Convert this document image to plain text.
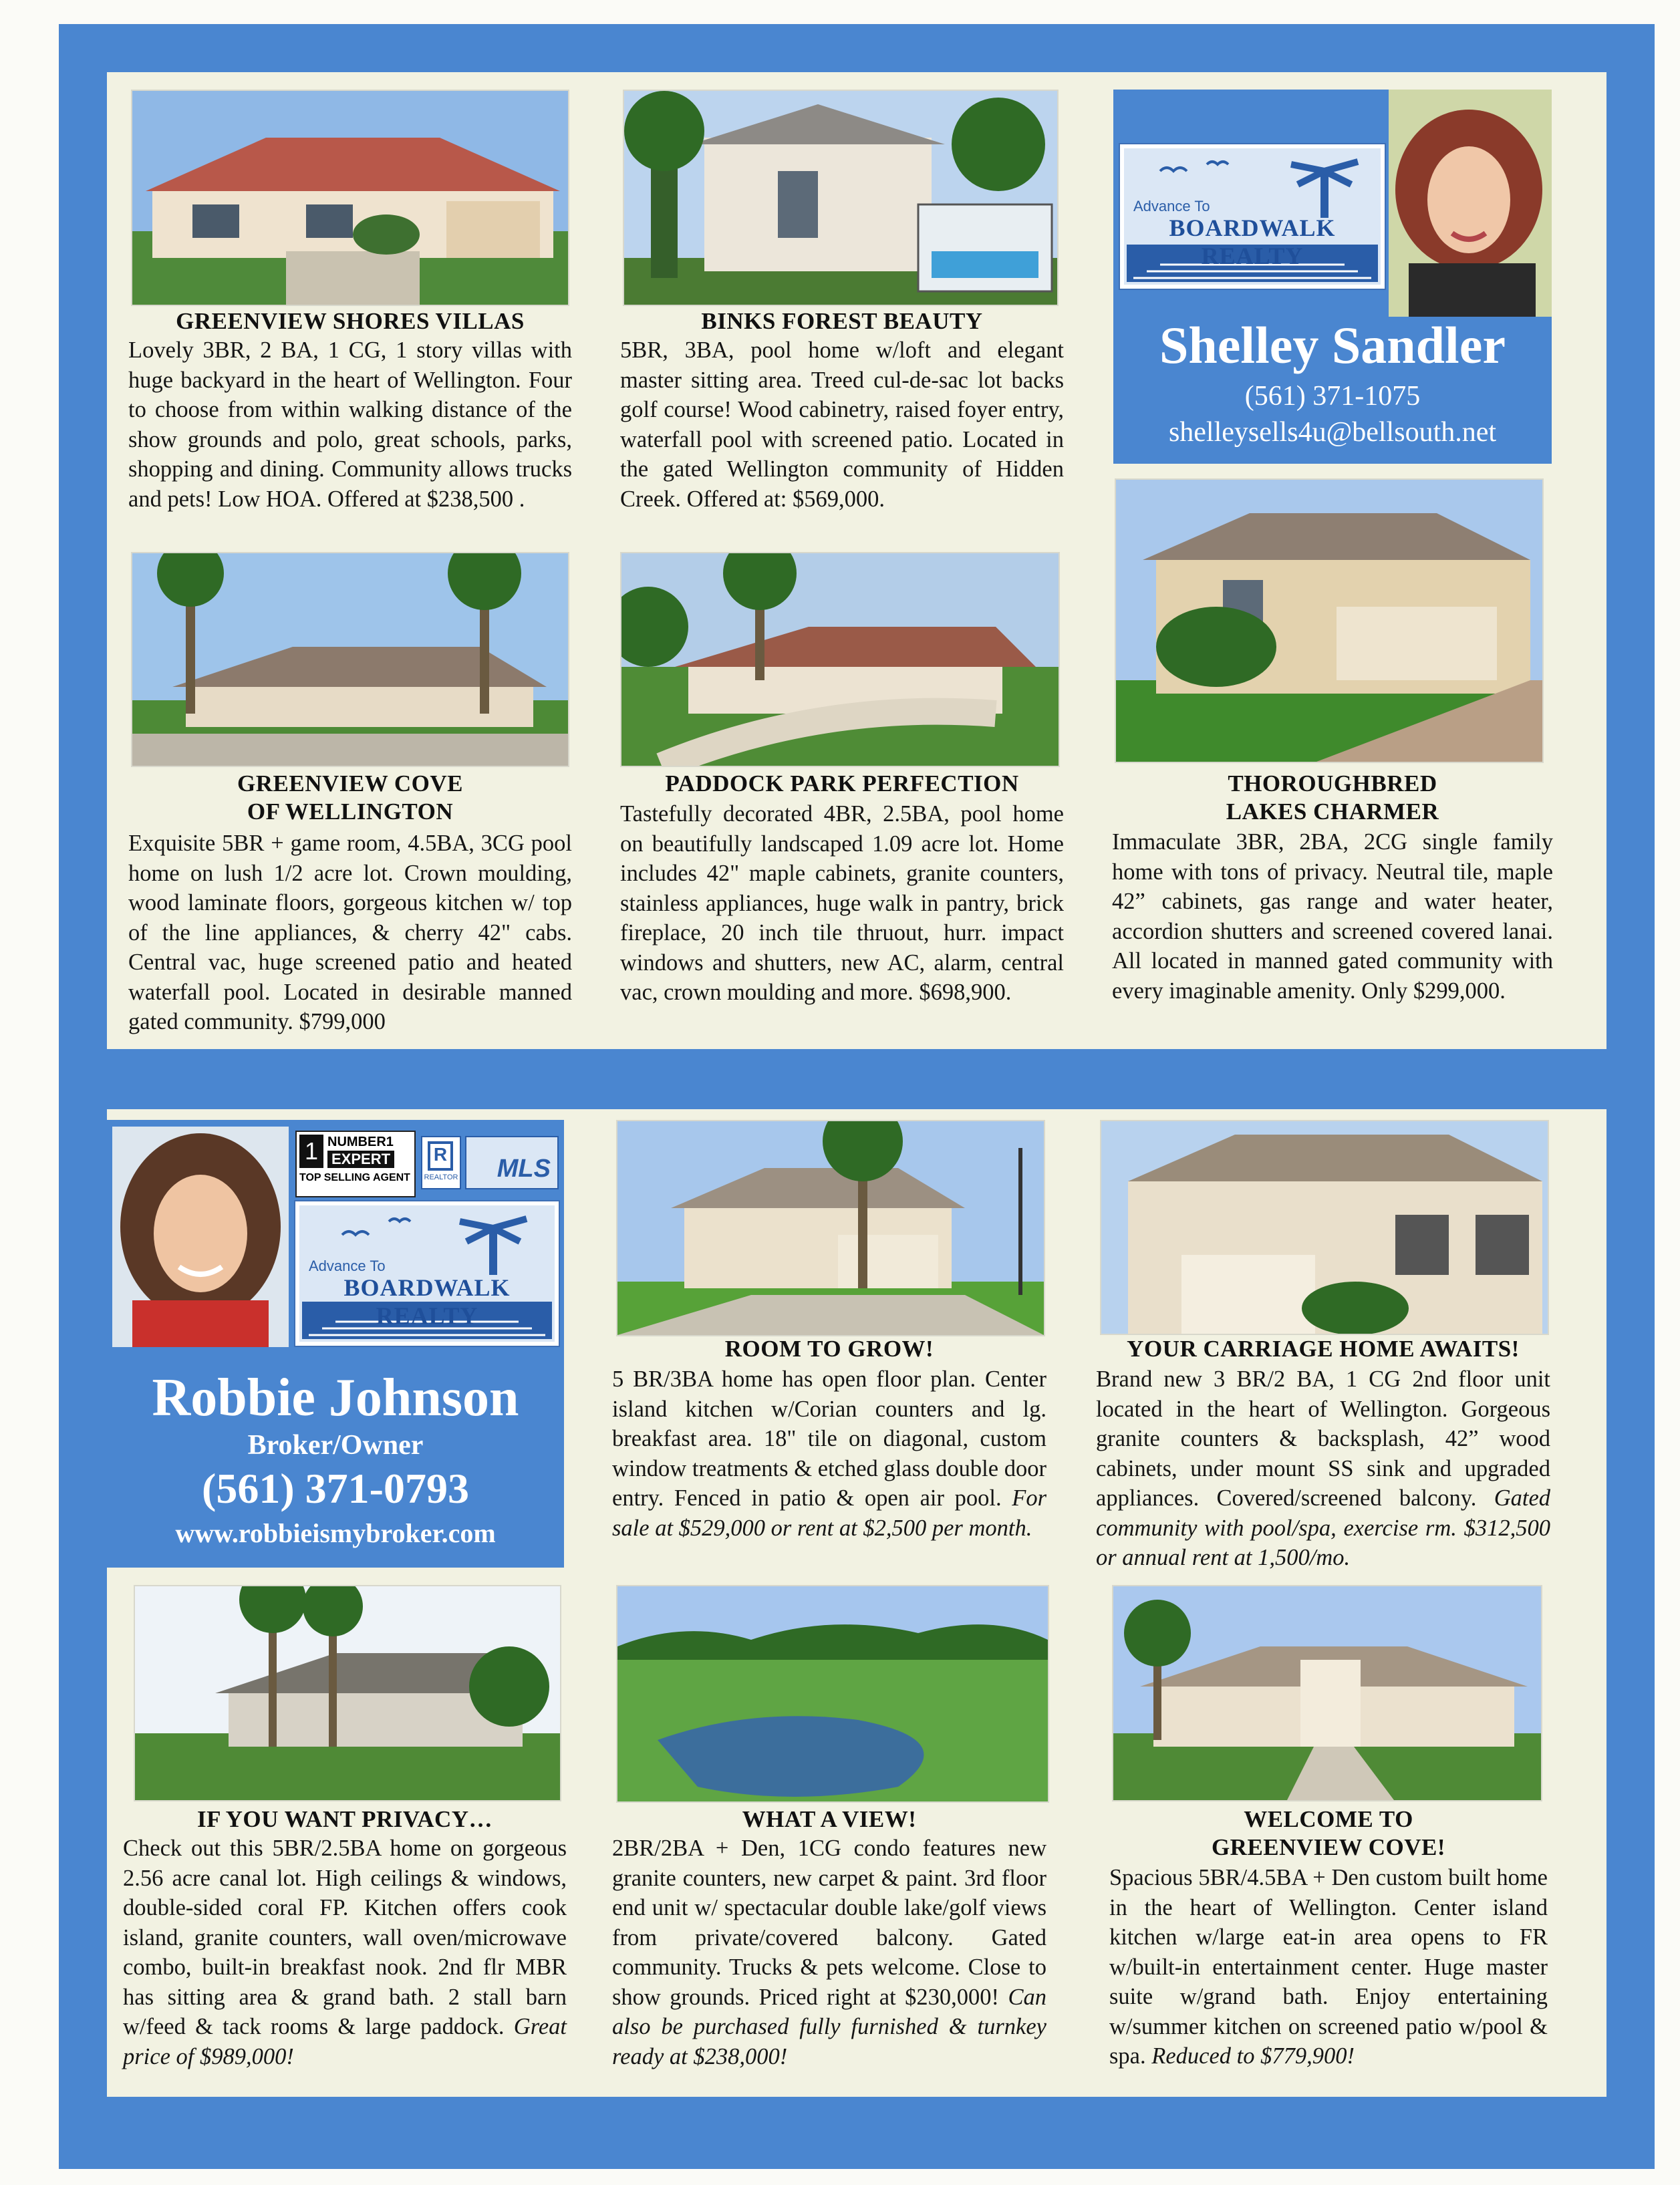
GREENVIEW SHORES VILLAS
Lovely 3BR, 2 BA, 1 CG, 1 story villas with huge backyard in the heart of Wellington. Four to choose from within walking distance of the show grounds and polo, great schools, parks, shopping and dining. Community allows trucks and pets! Low HOA. Offered at $238,500 .
BINKS FOREST BEAUTY
5BR, 3BA, pool home w/loft and elegant master sitting area. Treed cul-de-sac lot backs golf course! Wood cabinetry, raised foyer entry, waterfall pool with screened patio. Located in the gated Wellington community of Hidden Creek. Offered at: $569,000.
Advance To
BOARDWALK REALTY
Shelley Sandler
(561) 371-1075
shelleysells4u@bellsouth.net
GREENVIEW COVE
OF WELLINGTON
Exquisite 5BR + game room, 4.5BA, 3CG pool home on lush 1/2 acre lot. Crown moulding, wood laminate floors, gorgeous kitchen w/ top of the line appliances, & cherry 42" cabs. Central vac, huge screened patio and heated waterfall pool. Located in desirable manned gated community. $799,000
PADDOCK PARK PERFECTION
Tastefully decorated 4BR, 2.5BA, pool home on beautifully landscaped 1.09 acre lot. Home includes 42" maple cabinets, granite counters, stainless appliances, huge walk in pantry, brick fireplace, 20 inch tile thruout, hurr. impact windows and shutters, new AC, alarm, central vac, crown moulding and more. $698,900.
THOROUGHBRED
LAKES CHARMER
Immaculate 3BR, 2BA, 2CG single family home with tons of privacy. Neutral tile, maple 42” cabinets, gas range and water heater, accordion shutters and screened covered lanai. All located in manned gated community with every imaginable amenity. Only $299,000.
NUMBER1
EXPERT
TOP SELLING AGENT
1	R
REALTOR MLS
Advance To
BOARDWALK REALTY
Robbie Johnson
Broker/Owner
(561) 371-0793
www.robbieismybroker.com
ROOM TO GROW!
5 BR/3BA home has open floor plan. Center island kitchen w/Corian counters and lg. breakfast area. 18" tile on diagonal, custom window treatments & etched glass double door entry. Fenced in patio & open air pool. For sale at $529,000 or rent at $2,500 per month.
YOUR CARRIAGE HOME AWAITS!
Brand new 3 BR/2 BA, 1 CG 2nd floor unit located in the heart of Wellington. Gorgeous granite counters & backsplash, 42” wood cabinets, under mount SS sink and upgraded appliances. Covered/screened balcony. Gated community with pool/spa, exercise rm. $312,500 or annual rent at 1,500/mo.
IF YOU WANT PRIVACY…
Check out this 5BR/2.5BA home on gorgeous 2.56 acre canal lot. High ceilings & windows, double-sided coral FP. Kitchen offers cook island, granite counters, wall oven/microwave combo, built-in breakfast nook. 2nd flr MBR has sitting area & grand bath. 2 stall barn w/feed & tack rooms & large paddock. Great price of $989,000!
WHAT A VIEW!
2BR/2BA + Den, 1CG condo features new granite counters, new carpet & paint. 3rd floor end unit w/ spectacular double lake/golf views from private/covered balcony. Gated community. Trucks & pets welcome. Close to show grounds. Priced right at $230,000! Can also be purchased fully furnished & turnkey ready at $238,000!
WELCOME TO
GREENVIEW COVE!
Spacious 5BR/4.5BA + Den custom built home in the heart of Wellington. Center island kitchen w/large eat-in area opens to FR w/built-in entertainment center. Huge master suite w/grand bath. Enjoy entertaining w/summer kitchen on screened patio w/pool & spa. Reduced to $779,900!
